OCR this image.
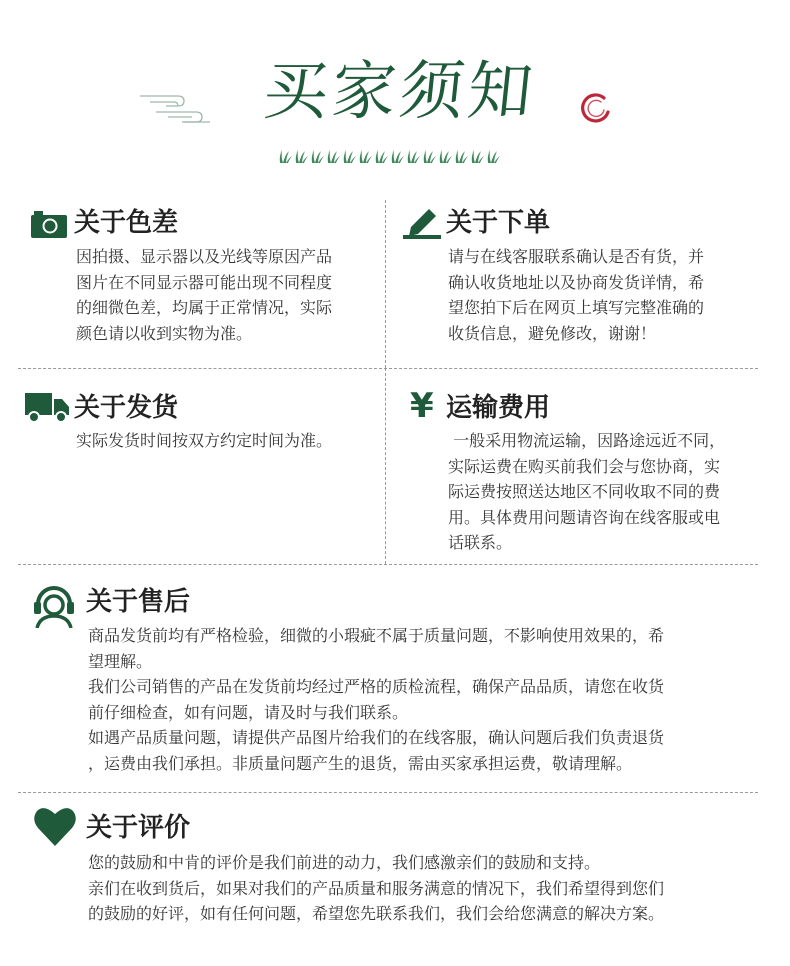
买家须知
关于色差

因拍摄、显示器以及光线等原因产品

图片在不同显示器可能出现不同程度

的细微色差，均属于正常情况，实际

颜色请以收到实物为准。

关于下单

请与在线客服联系确认是否有货，并

确认收货地址以及协商发货详情，希

望您拍下后在网页上填写完整准确的

收货信息，避免修改，谢谢！

关于发货

实际发货时间按双方约定时间为准。

¥ 运输费用

一般采用物流运输，因路途远近不同，

实际运费在购买前我们会与您协商，实

际运费按照送达地区不同收取不同的费

用。具体费用问题请咨询在线客服或电

话联系。

关于售后

商品发货前均有严格检验，细微的小瑕疵不属于质量问题，不影响使用效果的，希

望理解。

我们公司销售的产品在发货前均经过严格的质检流程，确保产品品质，请您在收货

前仔细检查，如有问题，请及时与我们联系。

如遇产品质量问题，请提供产品图片给我们的在线客服，确认问题后我们负责退货

，运费由我们承担。非质量问题产生的退货，需由买家承担运费，敬请理解。

关于评价

您的鼓励和中肯的评价是我们前进的动力，我们感激亲们的鼓励和支持。

亲们在收到货后，如果对我们的产品质量和服务满意的情况下，我们希望得到您们

的鼓励的好评，如有任何问题，希望您先联系我们，我们会给您满意的解决方案。
